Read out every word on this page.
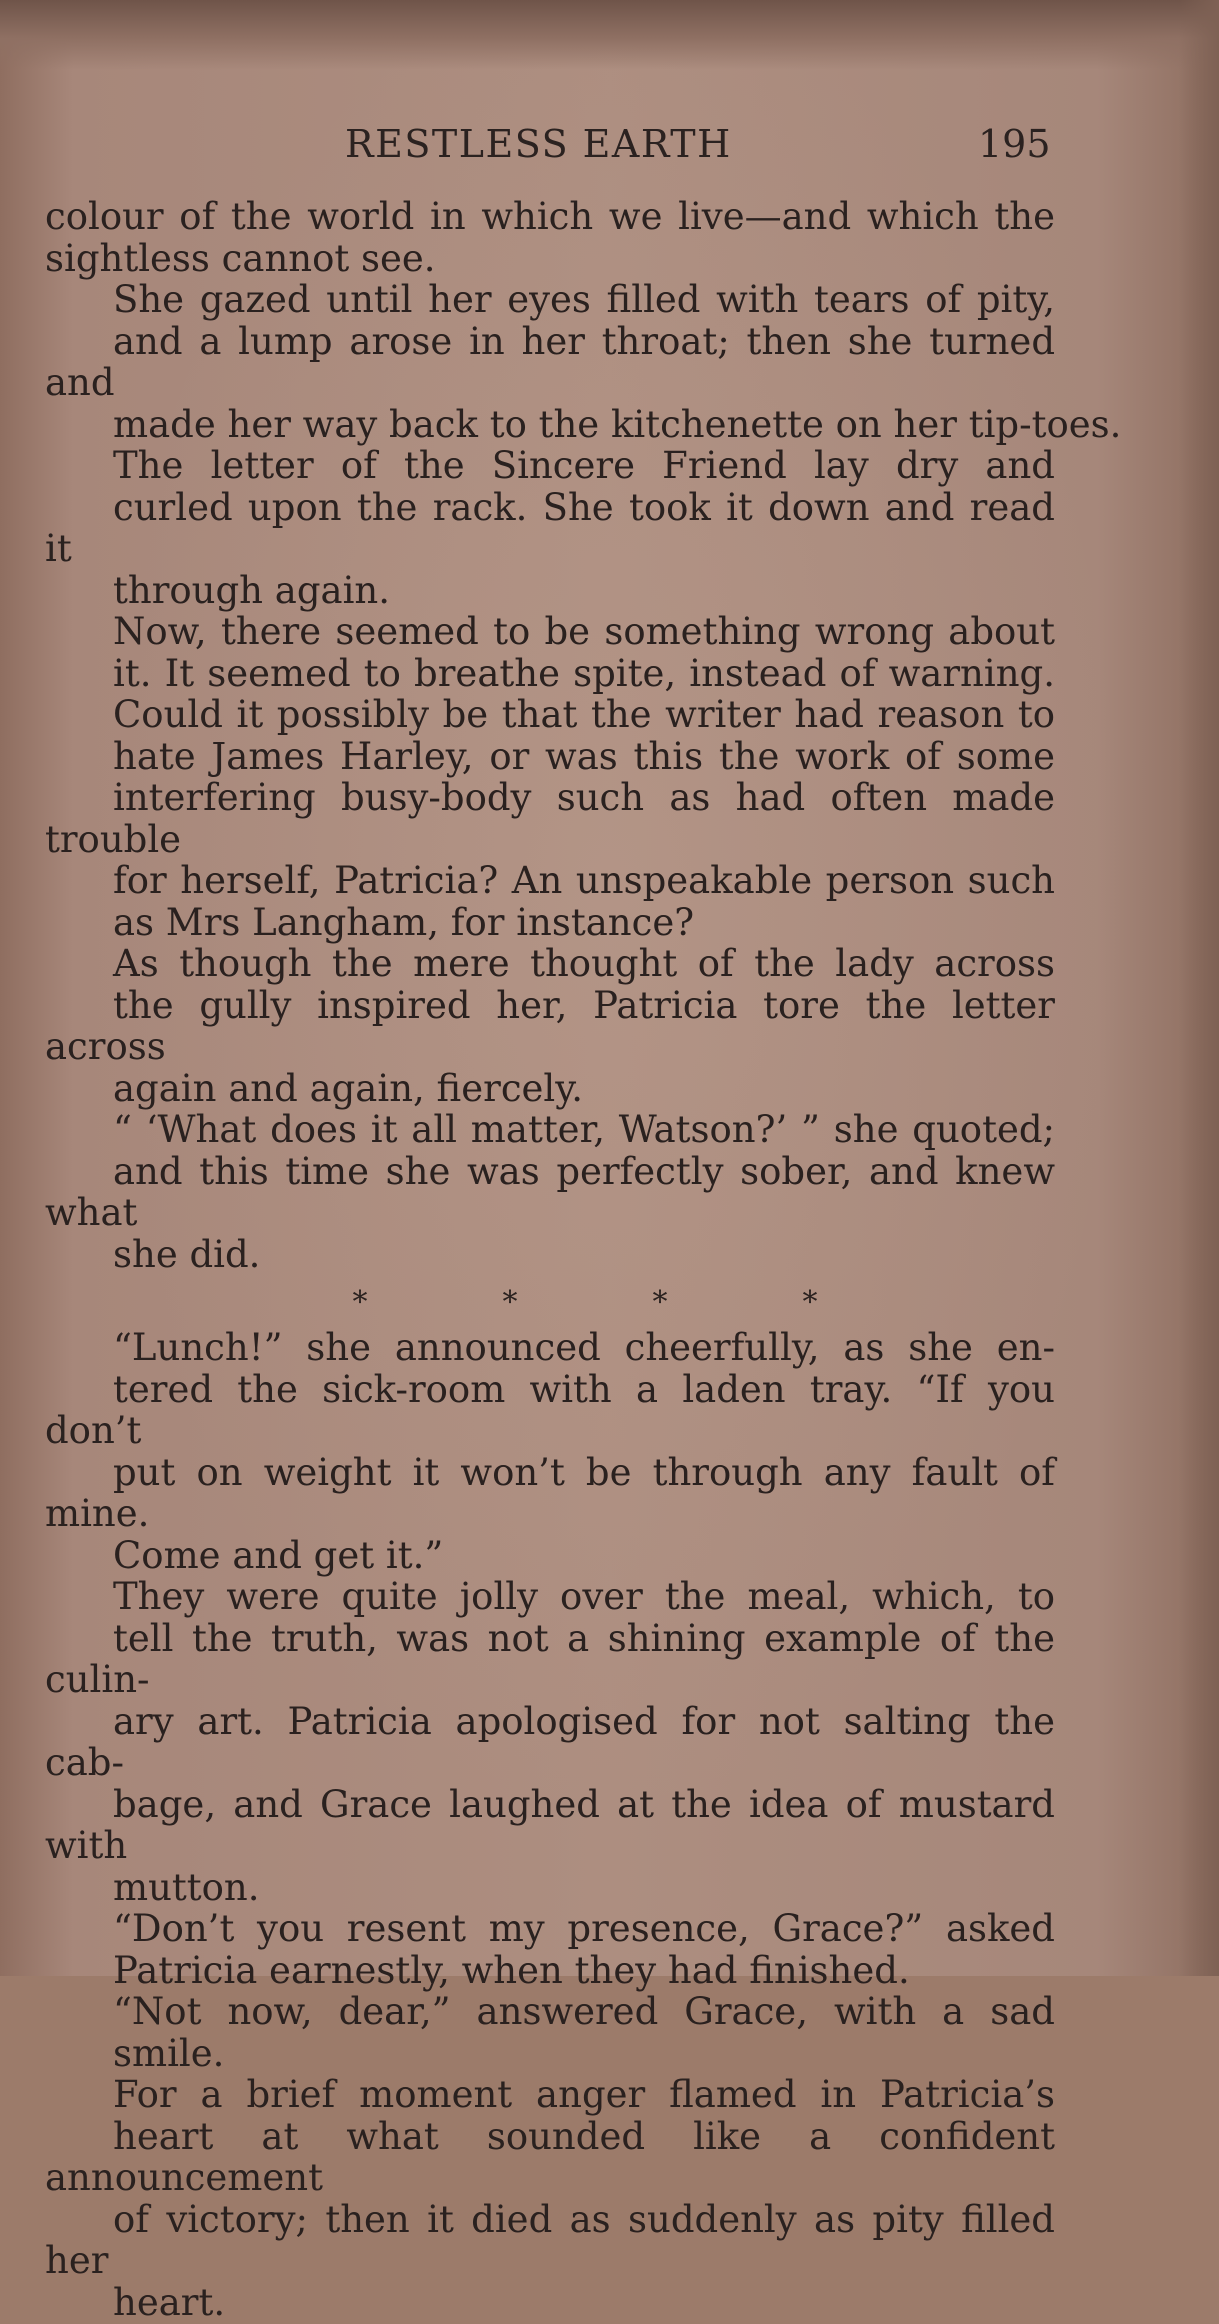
RESTLESS EARTH	195

colour of the world in which we live—and which the
sightless cannot see.

She gazed until her eyes filled with tears of pity,
and a lump arose in her throat; then she turned and
made her way back to the kitchenette on her tip-toes.

The letter of the Sincere Friend lay dry and
curled upon the rack. She took it down and read it
through again.

Now, there seemed to be something wrong about
it. It seemed to breathe spite, instead of warning.
Could it possibly be that the writer had reason to
hate James Harley, or was this the work of some
interfering busy-body such as had often made trouble
for herself, Patricia? An unspeakable person such
as Mrs Langham, for instance?

As though the mere thought of the lady across
the gully inspired her, Patricia tore the letter across
again and again, fiercely.

“ ‘What does it all matter, Watson?’ ” she quoted;
and this time she was perfectly sober, and knew what
she did.

*	*	*	*

“Lunch!” she announced cheerfully, as she en-
tered the sick-room with a laden tray. “If you don’t
put on weight it won’t be through any fault of mine.
Come and get it.”

They were quite jolly over the meal, which, to
tell the truth, was not a shining example of the culin-
ary art. Patricia apologised for not salting the cab-
bage, and Grace laughed at the idea of mustard with
mutton.

“Don’t you resent my presence, Grace?” asked
Patricia earnestly, when they had finished.

“Not now, dear,” answered Grace, with a sad
smile.

For a brief moment anger flamed in Patricia’s
heart at what sounded like a confident announcement
of victory; then it died as suddenly as pity filled her
heart.
